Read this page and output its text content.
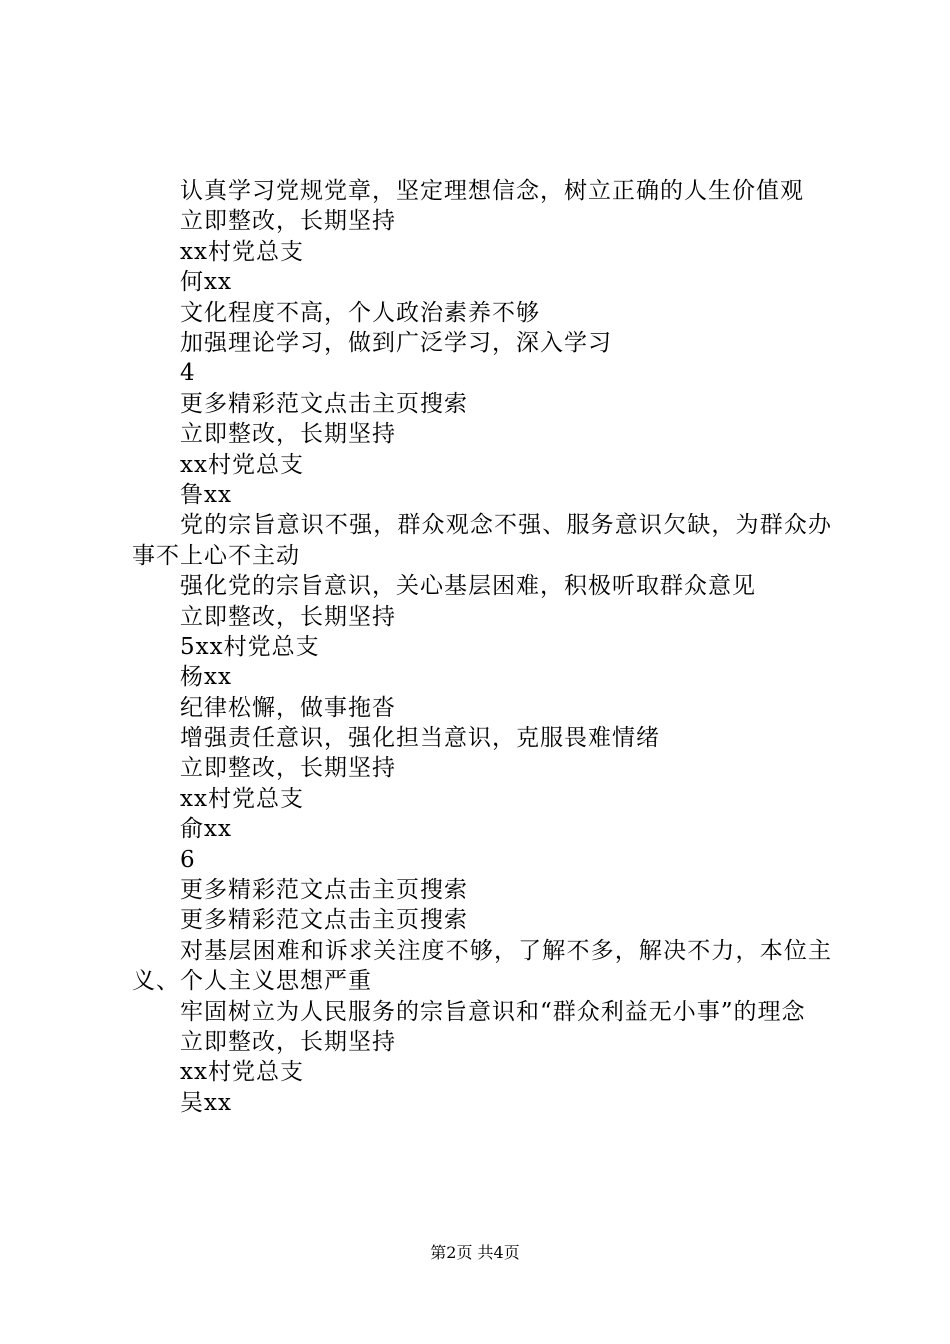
认真学习党规党章，坚定理想信念，树立正确的人生价值观
立即整改，长期坚持
xx村党总支
何xx
文化程度不高，个人政治素养不够
加强理论学习，做到广泛学习，深入学习
4
更多精彩范文点击主页搜索
立即整改，长期坚持
xx村党总支
鲁xx
党的宗旨意识不强，群众观念不强、服务意识欠缺，为群众办事不上心不主动
强化党的宗旨意识，关心基层困难，积极听取群众意见
立即整改，长期坚持
5xx村党总支
杨xx
纪律松懈，做事拖沓
增强责任意识，强化担当意识，克服畏难情绪
立即整改，长期坚持
xx村党总支
俞xx
6
更多精彩范文点击主页搜索
更多精彩范文点击主页搜索
对基层困难和诉求关注度不够，了解不多，解决不力，本位主义、个人主义思想严重
牢固树立为人民服务的宗旨意识和“群众利益无小事”的理念
立即整改，长期坚持
xx村党总支
吴xx
第2页 共4页
